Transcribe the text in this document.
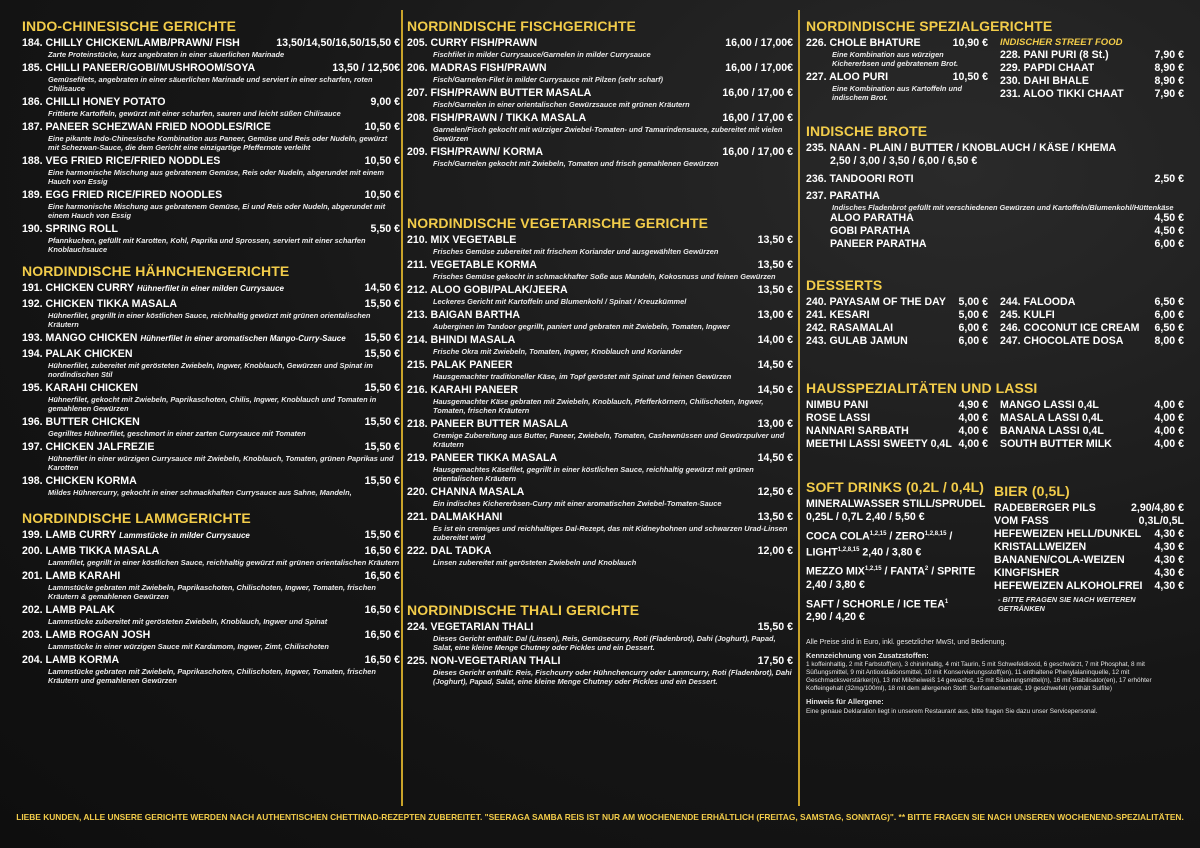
INDO-CHINESISCHE GERICHTE
184. CHILLY CHICKEN/LAMB/PRAWN/ FISH	13,50/14,50/16,50/15,50 €
Zarte Proteinstücke, kurz angebraten in einer säuerlichen Marinade
185. CHILLI PANEER/GOBI/MUSHROOM/SOYA	13,50 / 12,50€
Gemüsefilets, angebraten in einer säuerlichen Marinade und serviert in einer scharfen, roten Chilisauce
186. CHILLI HONEY POTATO	9,00 €
Frittierte Kartoffeln, gewürzt mit einer scharfen, sauren und leicht süßen Chilisauce
187. PANEER SCHEZWAN FRIED NOODLES/RICE	10,50 €
Eine pikante Indo-Chinesische Kombination aus Paneer, Gemüse und Reis oder Nudeln, gewürzt mit Schezwan-Sauce, die dem Gericht eine einzigartige Pfeffernote verleiht
188. VEG FRIED RICE/FRIED NODDLES	10,50 €
Eine harmonische Mischung aus gebratenem Gemüse, Reis oder Nudeln, abgerundet mit einem Hauch von Essig
189. EGG FRIED RICE/FIRED NOODLES	10,50 €
Eine harmonische Mischung aus gebratenem Gemüse, Ei und Reis oder Nudeln, abgerundet mit einem Hauch von Essig
190. SPRING ROLL	5,50 €
Pfannkuchen, gefüllt mit Karotten, Kohl, Paprika und Sprossen, serviert mit einer scharfen Knoblauchsauce
NORDINDISCHE HÄHNCHENGERICHTE
191. CHICKEN CURRY Hühnerfilet in einer milden Currysauce	14,50 €
192. CHICKEN TIKKA MASALA	15,50 €
Hühnerfilet, gegrillt in einer köstlichen Sauce, reichhaltig gewürzt mit grünen orientalischen Kräutern
193. MANGO CHICKEN Hühnerfilet in einer aromatischen Mango-Curry-Sauce	15,50 €
194. PALAK CHICKEN	15,50 €
Hühnerfilet, zubereitet mit gerösteten Zwiebeln, Ingwer, Knoblauch, Gewürzen und Spinat im nordindischen Stil
195. KARAHI CHICKEN	15,50 €
Hühnerfilet, gekocht mit Zwiebeln, Paprikaschoten, Chilis, Ingwer, Knoblauch und Tomaten in gemahlenen Gewürzen
196. BUTTER CHICKEN	15,50 €
Gegrilltes Hühnerfilet, geschmort in einer zarten Currysauce mit Tomaten
197. CHICKEN JALFREZIE	15,50 €
Hühnerfilet in einer würzigen Currysauce mit Zwiebeln, Knoblauch, Tomaten, grünen Paprikas und Karotten
198. CHICKEN KORMA	15,50 €
Mildes Hühnercurry, gekocht in einer schmackhaften Currysauce aus Sahne, Mandeln,
NORDINDISCHE LAMMGERICHTE
199. LAMB CURRY Lammstücke in milder Currysauce	15,50 €
200. LAMB TIKKA MASALA	16,50 €
Lammfilet, gegrillt in einer köstlichen Sauce, reichhaltig gewürzt mit grünen orientalischen Kräutern
201. LAMB KARAHI	16,50 €
Lammstücke gebraten mit Zwiebeln, Paprikaschoten, Chilischoten, Ingwer, Tomaten, frischen Kräutern & gemahlenen Gewürzen
202. LAMB PALAK	16,50 €
Lammstücke zubereitet mit gerösteten Zwiebeln, Knoblauch, Ingwer und Spinat
203. LAMB ROGAN JOSH	16,50 €
Lammstücke in einer würzigen Sauce mit Kardamom, Ingwer, Zimt, Chilischoten
204. LAMB KORMA	16,50 €
Lammstücke gebraten mit Zwiebeln, Paprikaschoten, Chilischoten, Ingwer, Tomaten, frischen Kräutern und gemahlenen Gewürzen
NORDINDISCHE FISCHGERICHTE
205. CURRY FISH/PRAWN	16,00 / 17,00€
Fischfilet in milder Currysauce/Garnelen in milder Currysauce
206. MADRAS FISH/PRAWN	16,00 / 17,00€
Fisch/Garnelen-Filet in milder Currysauce mit Pilzen (sehr scharf)
207. FISH/PRAWN BUTTER MASALA	16,00 / 17,00 €
Fisch/Garnelen in einer orientalischen Gewürzsauce mit grünen Kräutern
208. FISH/PRAWN / TIKKA MASALA	16,00 / 17,00 €
Garnelen/Fisch gekocht mit würziger Zwiebel-Tomaten- und Tamarindensauce, zubereitet mit vielen Gewürzen
209. FISH/PRAWN/ KORMA	16,00 / 17,00 €
Fisch/Garnelen gekocht mit Zwiebeln, Tomaten und frisch gemahlenen Gewürzen
NORDINDISCHE VEGETARISCHE GERICHTE
210. MIX VEGETABLE	13,50 €
Frisches Gemüse zubereitet mit frischem Koriander und ausgewählten Gewürzen
211. VEGETABLE KORMA	13,50 €
Frisches Gemüse gekocht in schmackhafter Soße aus Mandeln, Kokosnuss und feinen Gewürzen
212. ALOO GOBI/PALAK/JEERA	13,50 €
Leckeres Gericht mit Kartoffeln und Blumenkohl / Spinat / Kreuzkümmel
213. BAIGAN BARTHA	13,00 €
Auberginen im Tandoor gegrillt, paniert und gebraten mit Zwiebeln, Tomaten, Ingwer
214. BHINDI MASALA	14,00 €
Frische Okra mit Zwiebeln, Tomaten, Ingwer, Knoblauch und Koriander
215. PALAK PANEER	14,50 €
Hausgemachter traditioneller Käse, im Topf geröstet mit Spinat und feinen Gewürzen
216. KARAHI PANEER	14,50 €
Hausgemachter Käse gebraten mit Zwiebeln, Knoblauch, Pfefferkörnern, Chilischoten, Ingwer, Tomaten, frischen Kräutern
218. PANEER BUTTER MASALA	13,00 €
Cremige Zubereitung aus Butter, Paneer, Zwiebeln, Tomaten, Cashewnüssen und Gewürzpulver und Kräutern
219. PANEER TIKKA MASALA	14,50 €
Hausgemachtes Käsefilet, gegrillt in einer köstlichen Sauce, reichhaltig gewürzt mit grünen orientalischen Kräutern
220. CHANNA MASALA	12,50 €
Ein indisches Kichererbsen-Curry mit einer aromatischen Zwiebel-Tomaten-Sauce
221. DALMAKHANI	13,50 €
Es ist ein cremiges und reichhaltiges Dal-Rezept, das mit Kidneybohnen und schwarzen Urad-Linsen zubereitet wird
222. DAL TADKA	12,00 €
Linsen zubereitet mit gerösteten Zwiebeln und Knoblauch
NORDINDISCHE THALI GERICHTE
224. VEGETARIAN THALI	15,50 €
Dieses Gericht enthält: Dal (Linsen), Reis, Gemüsecurry, Roti (Fladenbrot), Dahi (Joghurt), Papad, Salat, eine kleine Menge Chutney oder Pickles und ein Dessert.
225. NON-VEGETARIAN THALI	17,50 €
Dieses Gericht enthält: Reis, Fischcurry oder Hühnchencurry oder Lammcurry, Roti (Fladenbrot), Dahi (Joghurt), Papad, Salat, eine kleine Menge Chutney oder Pickles und ein Dessert.
NORDINDISCHE SPEZIALGERICHTE
226. CHOLE BHATURE	10,90 €
Eine Kombination aus würzigen Kichererbsen und gebratenem Brot.
227. ALOO PURI	10,50 €
Eine Kombination aus Kartoffeln und indischem Brot.
INDISCHER STREET FOOD
228. PANI PURI (8 St.)	7,90 €
229. PAPDI CHAAT	8,90 €
230. DAHI BHALE	8,90 €
231. ALOO TIKKI CHAAT	7,90 €
INDISCHE BROTE
235. NAAN - PLAIN / BUTTER / KNOBLAUCH / KÄSE / KHEMA
2,50 / 3,00 / 3,50 / 6,00 / 6,50 €
236. TANDOORI ROTI	2,50 €
237. PARATHA
Indisches Fladenbrot gefüllt mit verschiedenen Gewürzen und Kartoffeln/Blumenkohl/Hüttenkäse
ALOO PARATHA	4,50 €
GOBI PARATHA	4,50 €
PANEER PARATHA	6,00 €
DESSERTS
240. PAYASAM OF THE DAY	5,00 €
241. KESARI	5,00 €
242. RASAMALAI	6,00 €
243. GULAB JAMUN	6,00 €
244. FALOODA	6,50 €
245. KULFI	6,00 €
246. COCONUT ICE CREAM	6,50 €
247. CHOCOLATE DOSA	8,00 €
HAUSSPEZIALITÄTEN UND LASSI
NIMBU PANI	4,90 €
ROSE LASSI	4,00 €
NANNARI SARBATH	4,00 €
MEETHI LASSI SWEETY 0,4L 4,00 €
MANGO LASSI 0,4L	4,00 €
MASALA LASSI 0,4L	4,00 €
BANANA LASSI 0,4L	4,00 €
SOUTH BUTTER MILK	4,00 €
SOFT DRINKS (0,2L / 0,4L)
MINERALWASSER STILL/SPRUDEL
0,25L / 0,7L 2,40 / 5,50 €
COCA COLA$^{1,2,15}$ / ZERO$^{1,2,8,15}$ /
LIGHT$^{1,2,8,15}$ 2,40 / 3,80 €
MEZZO MIX$^{1,2,15}$ / FANTA$^2$ / SPRITE
2,40 / 3,80 €
SAFT / SCHORLE / ICE TEA$^1$
2,90 / 4,20 €
BIER (0,5L)
RADEBERGER PILS	2,90/4,80 €
VOM FASS	0,3L/0,5L
HEFEWEIZEN HELL/DUNKEL	4,30 €
KRISTALLWEIZEN	4,30 €
BANANEN/COLA-WEIZEN	4,30 €
KINGFISHER	4,30 €
HEFEWEIZEN ALKOHOLFREI	4,30 €
- BITTE FRAGEN SIE NACH WEITEREN GETRÄNKEN
Alle Preise sind in Euro, inkl. gesetzlicher MwSt, und Bedienung.
Kennzeichnung von Zusatzstoffen:
1 koffeinhaltig, 2 mit Farbstoff(en), 3 chininhaltig, 4 mit Taurin, 5 mit Schwefeldioxid, 6 geschwärzt, 7 mit Phosphat, 8 mit Süßungsmittel, 9 mit Antioxidationsmittel, 10 mit Konservierungsstoff(en), 11 enthaltene Phenylalaninquelle, 12 mit Geschmacksverstärker(n), 13 mit Milcheiweiß 14 gewachst, 15 mit Säuerungsmittel(n), 16 mit Stabilisator(en), 17 erhöhter Koffeingehalt (32mg/100ml), 18 mit dem allergenen Stoff: Senfsamenextrakt, 19 geschwefelt (enthält Sulfite)
Hinweis für Allergene:
Eine genaue Deklaration liegt in unserem Restaurant aus, bitte fragen Sie dazu unser Servicepersonal.
LIEBE KUNDEN, ALLE UNSERE GERICHTE WERDEN NACH AUTHENTISCHEN CHETTINAD-REZEPTEN ZUBEREITET. "SEERAGA SAMBA REIS IST NUR AM WOCHENENDE ERHÄLTLICH (FREITAG, SAMSTAG, SONNTAG)". ** BITTE FRAGEN SIE NACH UNSEREN WOCHENEND-SPEZIALITÄTEN.
